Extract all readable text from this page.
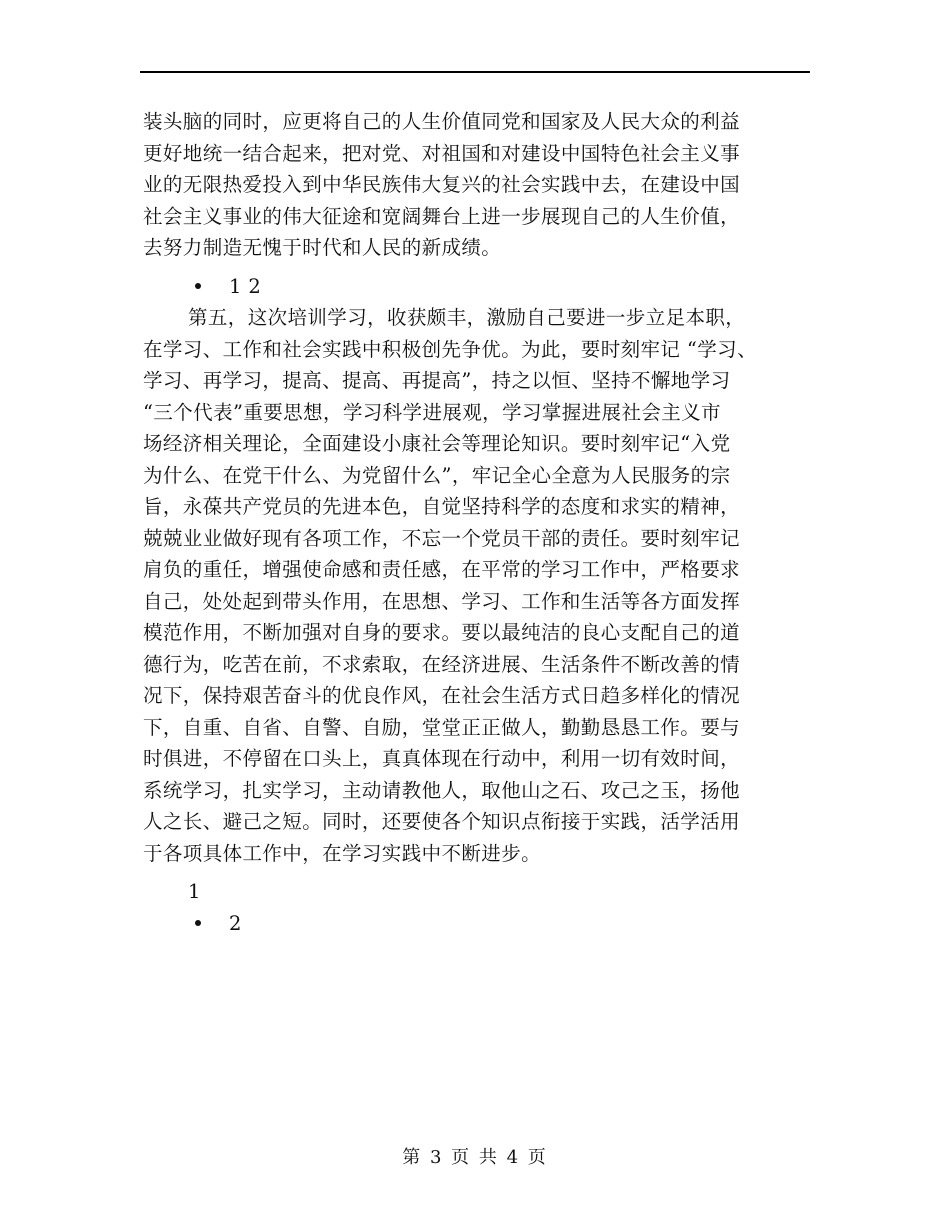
装头脑的同时，应更将自己的人生价值同党和国家及人民大众的利益
更好地统一结合起来，把对党、对祖国和对建设中国特色社会主义事
业的无限热爱投入到中华民族伟大复兴的社会实践中去，在建设中国
社会主义事业的伟大征途和宽阔舞台上进一步展现自己的人生价值，
去努力制造无愧于时代和人民的新成绩。

1 2

第五，这次培训学习，收获颇丰，激励自己要进一步立足本职，
在学习、工作和社会实践中积极创先争优。为此，要时刻牢记 “学习、
学习、再学习，提高、提高、再提高”，持之以恒、坚持不懈地学习
“三个代表”重要思想，学习科学进展观，学习掌握进展社会主义市
场经济相关理论，全面建设小康社会等理论知识。要时刻牢记“入党
为什么、在党干什么、为党留什么”，牢记全心全意为人民服务的宗
旨，永葆共产党员的先进本色，自觉坚持科学的态度和求实的精神，
兢兢业业做好现有各项工作，不忘一个党员干部的责任。要时刻牢记
肩负的重任，增强使命感和责任感，在平常的学习工作中，严格要求
自己，处处起到带头作用，在思想、学习、工作和生活等各方面发挥
模范作用，不断加强对自身的要求。要以最纯洁的良心支配自己的道
德行为，吃苦在前，不求索取，在经济进展、生活条件不断改善的情
况下，保持艰苦奋斗的优良作风，在社会生活方式日趋多样化的情况
下，自重、自省、自警、自励，堂堂正正做人，勤勤恳恳工作。要与
时俱进，不停留在口头上，真真体现在行动中，利用一切有效时间，
系统学习，扎实学习，主动请教他人，取他山之石、攻己之玉，扬他
人之长、避己之短。同时，还要使各个知识点衔接于实践，活学活用
于各项具体工作中，在学习实践中不断进步。

1
2
第 3 页 共 4 页
